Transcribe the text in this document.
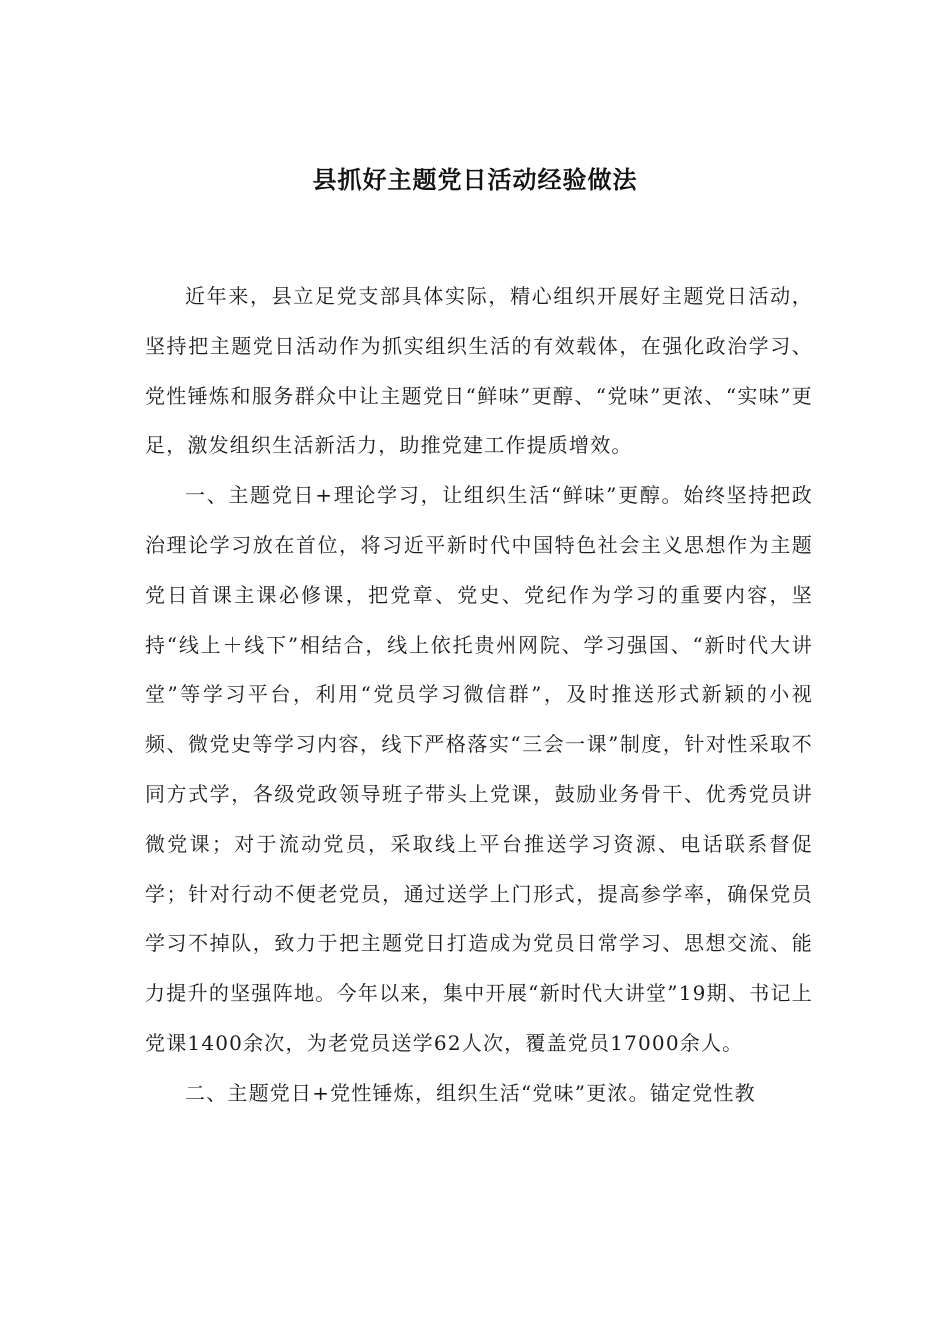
县抓好主题党日活动经验做法

近年来，县立足党支部具体实际，精心组织开展好主题党日活动，坚持把主题党日活动作为抓实组织生活的有效载体，在强化政治学习、党性锤炼和服务群众中让主题党日“鲜味”更醇、“党味”更浓、“实味”更足，激发组织生活新活力，助推党建工作提质增效。

一、主题党日+理论学习，让组织生活“鲜味”更醇。始终坚持把政治理论学习放在首位，将习近平新时代中国特色社会主义思想作为主题党日首课主课必修课，把党章、党史、党纪作为学习的重要内容，坚持“线上＋线下”相结合，线上依托贵州网院、学习强国、“新时代大讲堂”等学习平台，利用“党员学习微信群”，及时推送形式新颖的小视频、微党史等学习内容，线下严格落实“三会一课”制度，针对性采取不同方式学，各级党政领导班子带头上党课，鼓励业务骨干、优秀党员讲微党课；对于流动党员，采取线上平台推送学习资源、电话联系督促学；针对行动不便老党员，通过送学上门形式，提高参学率，确保党员学习不掉队，致力于把主题党日打造成为党员日常学习、思想交流、能力提升的坚强阵地。今年以来，集中开展“新时代大讲堂”19期、书记上党课1400余次，为老党员送学62人次，覆盖党员17000余人。

二、主题党日+党性锤炼，组织生活“党味”更浓。锚定党性教
